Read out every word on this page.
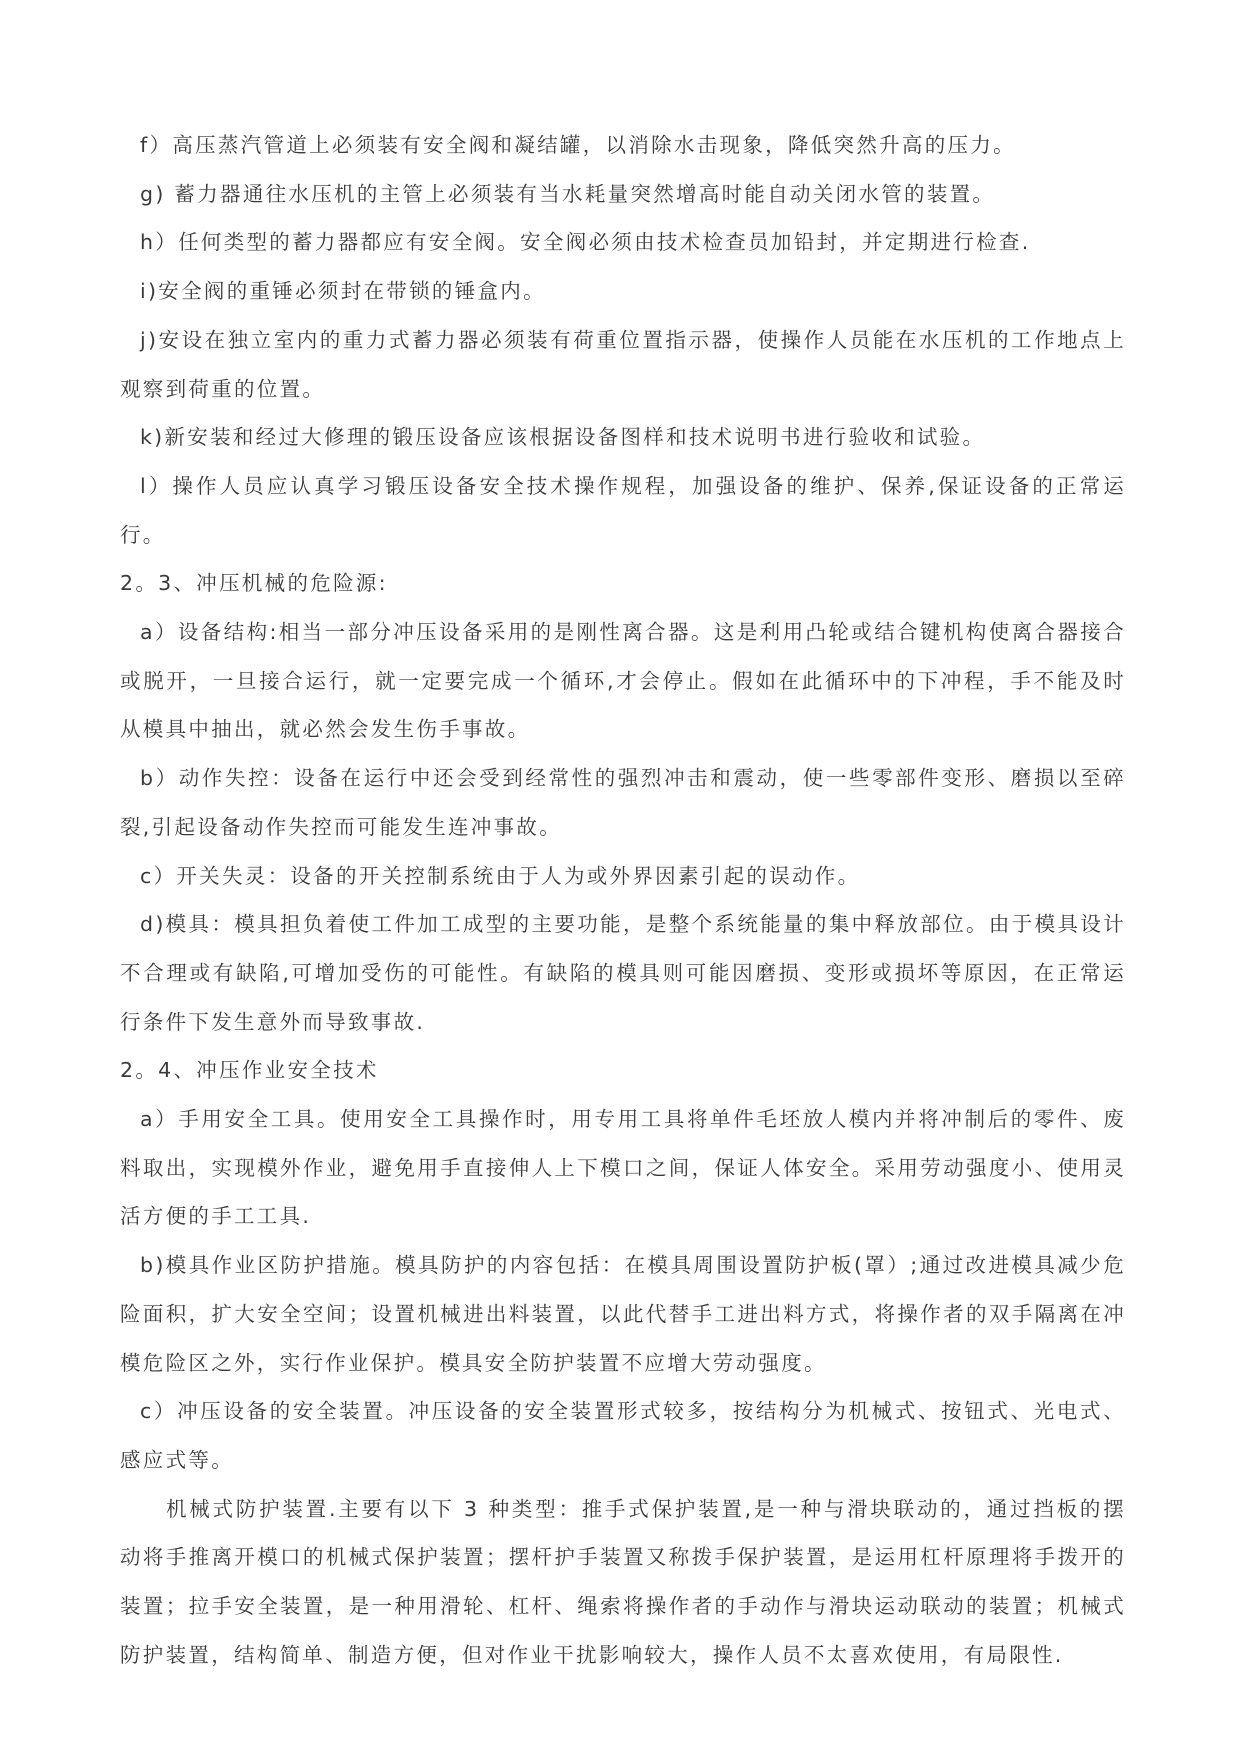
f）高压蒸汽管道上必须装有安全阀和凝结罐，以消除水击现象，降低突然升高的压力。

g) 蓄力器通往水压机的主管上必须装有当水耗量突然增高时能自动关闭水管的装置。

h）任何类型的蓄力器都应有安全阀。安全阀必须由技术检查员加铅封，并定期进行检查.

i)安全阀的重锤必须封在带锁的锤盒内。

j)安设在独立室内的重力式蓄力器必须装有荷重位置指示器，使操作人员能在水压机的工作地点上观察到荷重的位置。

k)新安装和经过大修理的锻压设备应该根据设备图样和技术说明书进行验收和试验。

l）操作人员应认真学习锻压设备安全技术操作规程，加强设备的维护、保养,保证设备的正常运行。

2。3、冲压机械的危险源:

a）设备结构:相当一部分冲压设备采用的是刚性离合器。这是利用凸轮或结合键机构使离合器接合或脱开，一旦接合运行，就一定要完成一个循环,才会停止。假如在此循环中的下冲程，手不能及时从模具中抽出，就必然会发生伤手事故。

b）动作失控：设备在运行中还会受到经常性的强烈冲击和震动，使一些零部件变形、磨损以至碎裂,引起设备动作失控而可能发生连冲事故。

c）开关失灵：设备的开关控制系统由于人为或外界因素引起的误动作。

d)模具：模具担负着使工件加工成型的主要功能，是整个系统能量的集中释放部位。由于模具设计不合理或有缺陷,可增加受伤的可能性。有缺陷的模具则可能因磨损、变形或损坏等原因，在正常运行条件下发生意外而导致事故.

2。4、冲压作业安全技术

a）手用安全工具。使用安全工具操作时，用专用工具将单件毛坯放人模内并将冲制后的零件、废料取出，实现模外作业，避免用手直接伸人上下模口之间，保证人体安全。采用劳动强度小、使用灵活方便的手工工具.

b)模具作业区防护措施。模具防护的内容包括：在模具周围设置防护板(罩）;通过改进模具减少危险面积，扩大安全空间；设置机械进出料装置，以此代替手工进出料方式，将操作者的双手隔离在冲模危险区之外，实行作业保护。模具安全防护装置不应增大劳动强度。

c）冲压设备的安全装置。冲压设备的安全装置形式较多，按结构分为机械式、按钮式、光电式、感应式等。

机械式防护装置.主要有以下 3 种类型：推手式保护装置,是一种与滑块联动的，通过挡板的摆动将手推离开模口的机械式保护装置；摆杆护手装置又称拨手保护装置，是运用杠杆原理将手拨开的装置；拉手安全装置，是一种用滑轮、杠杆、绳索将操作者的手动作与滑块运动联动的装置；机械式防护装置，结构简单、制造方便，但对作业干扰影响较大，操作人员不太喜欢使用，有局限性.
